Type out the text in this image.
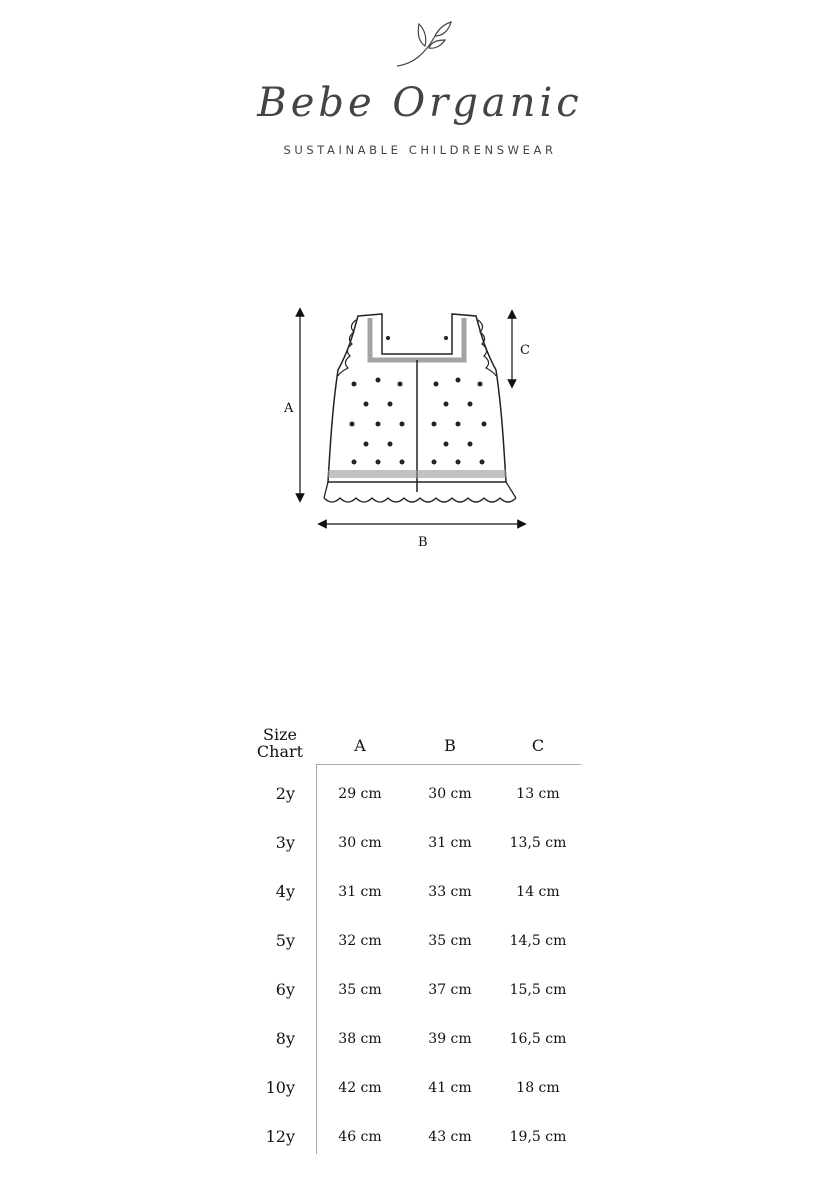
Bebe Organic
SUSTAINABLE CHILDRENSWEAR
A
B
C
Size
Chart	A	B	C
2y	29 cm	30 cm	13 cm
3y	30 cm	31 cm	13,5 cm
4y	31 cm	33 cm	14 cm
5y	32 cm	35 cm	14,5 cm
6y	35 cm	37 cm	15,5 cm
8y	38 cm	39 cm	16,5 cm
10y	42 cm	41 cm	18 cm
12y	46 cm	43 cm	19,5 cm
